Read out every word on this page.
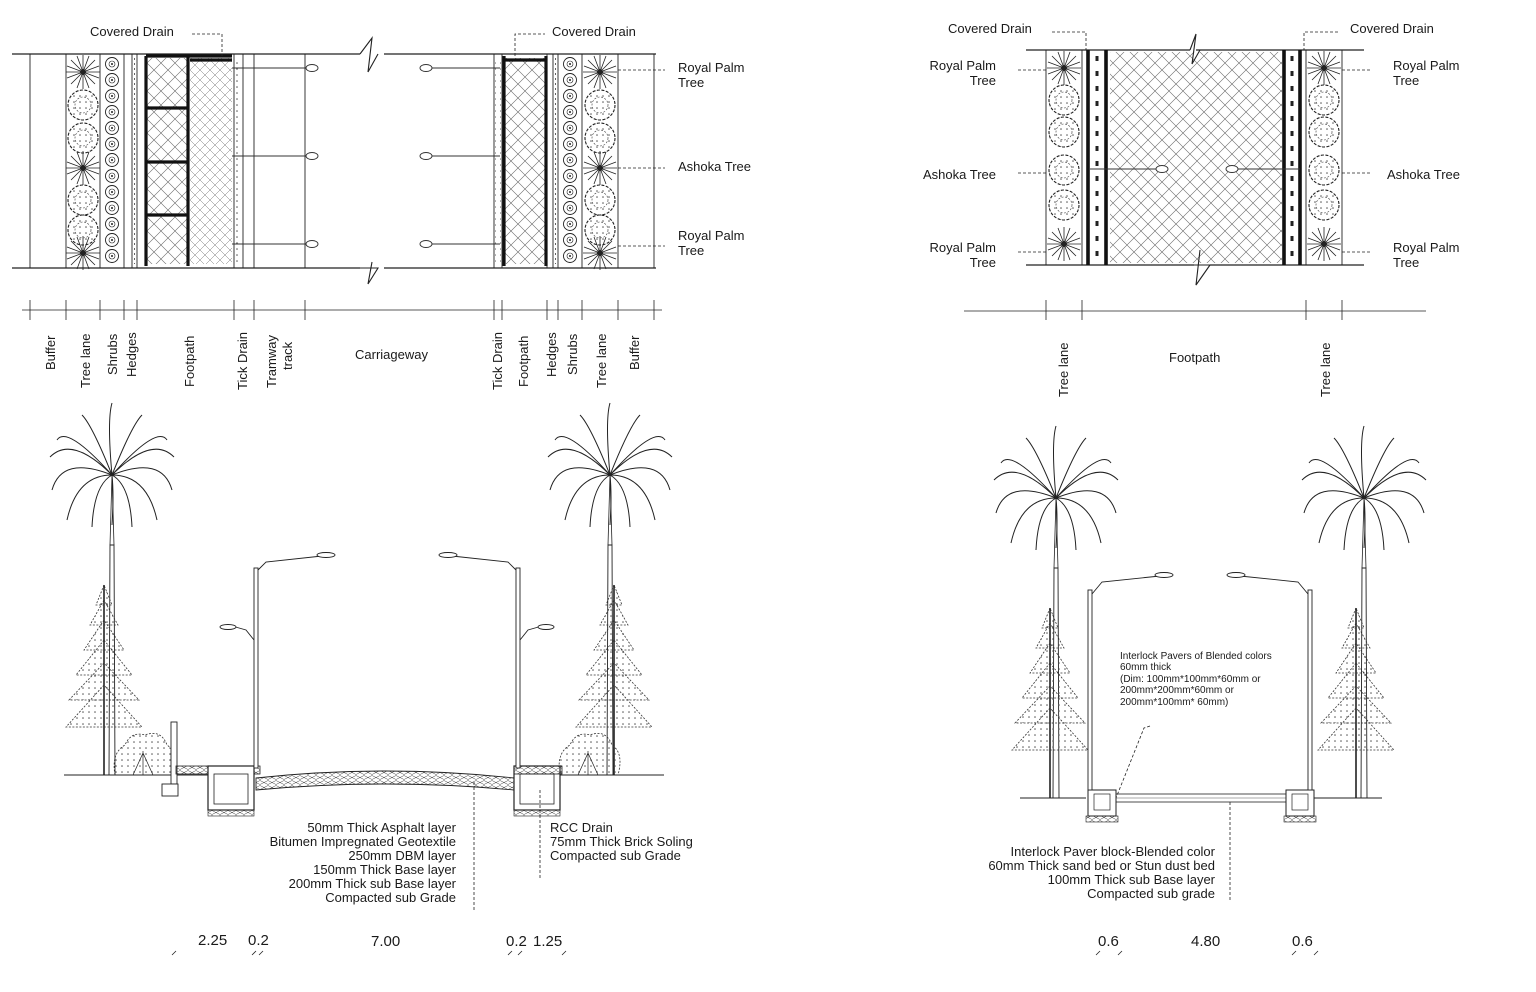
Covered Drain	Covered Drain
Royal Palm
Tree
Ashoka Tree
Royal Palm
Tree
Buffer Tree lane Shrubs Hedges	Footpath	Tick Drain Tramway track	Carriageway	Tick Drain Footpath Hedges Shrubs Tree lane Buffer
Covered Drain	Covered Drain
Royal Palm
Tree
Ashoka Tree
Royal Palm
Tree
Royal Palm
Tree
Ashoka Tree
Royal Palm
Tree
Tree lane	Footpath	Tree lane
50mm Thick Asphalt layer
Bitumen Impregnated Geotextile
250mm DBM layer
150mm Thick Base layer
200mm Thick sub Base layer
Compacted sub Grade
RCC Drain
75mm Thick Brick Soling
Compacted sub Grade
2.25 0.2	7.00	0.2 1.25
Interlock Pavers of Blended colors
60mm thick
(Dim: 100mm*100mm*60mm or
200mm*200mm*60mm or
200mm*100mm* 60mm)
Interlock Paver block-Blended color
60mm Thick sand bed or Stun dust bed
100mm Thick sub Base layer
Compacted sub grade
0.6	4.80	0.6
